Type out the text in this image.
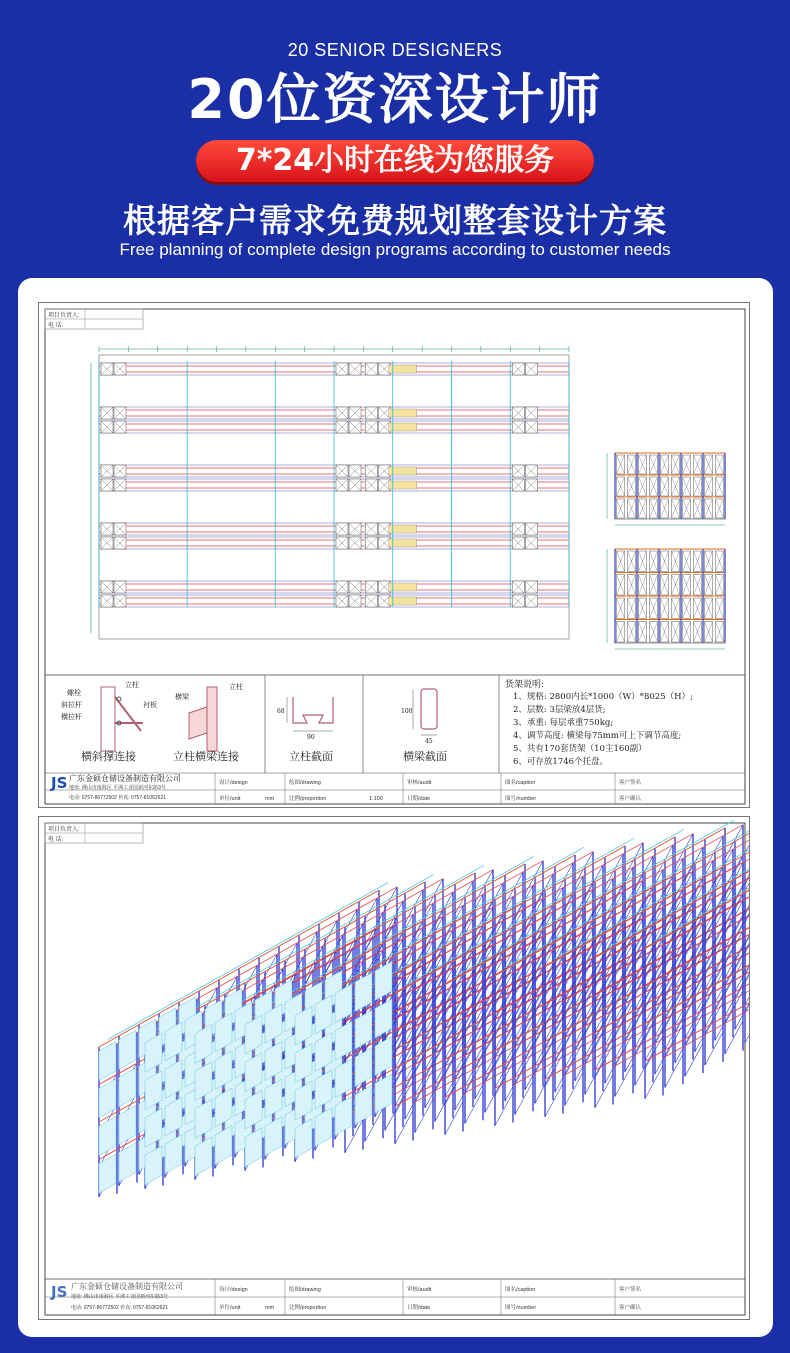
20 SENIOR DESIGNERS
20位资深设计师
7*24小时在线为您服务
根据客户需求免费规划整套设计方案
Free planning of complete design programs according to customer needs
项目负责人:
电 话:
螺栓
斜拉杆
横拉杆
立柱
衬板
横斜撑连接
横梁
立柱
立柱横梁连接
68
90
立柱截面
100
45
横梁截面
货架说明:
1、规格: 2800内长*1000（W）*8025（H）;
2、层数: 3层梁放4层货;
3、承重: 每层承重750kg;
4、调节高度: 横梁每75mm可上下调节高度;
5、共有170套货架（10主160副）
6、可存放1746个托盘。
JS 广东金硕仓储设备制造有限公司
地址: 佛山市南海区 平洲工业园新河东路3号
电话: 0757-86772502 传真: 0757-81062621
设计/design	绘图/drawing	审核/audit	图名/caption	客户签名
单位/unit	mm	比例/proportion	1:100	日期/date	图号/number	客户确认
项目负责人:
电 话:
JS 广东金硕仓储设备制造有限公司
地址: 佛山市南海区 平洲工业园新河东路3号
电话: 0757-86772502 传真: 0757-81062621
设计/design	绘图/drawing	审核/audit	图名/caption	客户签名
单位/unit	mm	比例/proportion	日期/date	图号/number	客户确认
